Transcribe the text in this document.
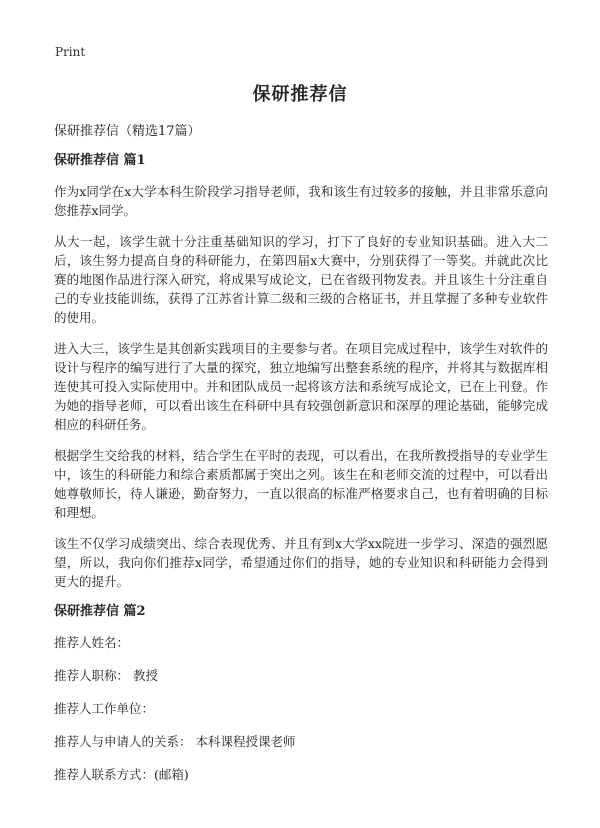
Print
保研推荐信

保研推荐信（精选17篇）

保研推荐信 篇1

作为x同学在x大学本科生阶段学习指导老师，我和该生有过较多的接触，并且非常乐意向您推荐x同学。

从大一起，该学生就十分注重基础知识的学习，打下了良好的专业知识基础。进入大二后，该生努力提高自身的科研能力，在第四届x大赛中，分别获得了一等奖。并就此次比赛的地图作品进行深入研究，将成果写成论文，已在省级刊物发表。并且该生十分注重自己的专业技能训练，获得了江苏省计算二级和三级的合格证书，并且掌握了多种专业软件的使用。

进入大三，该学生是其创新实践项目的主要参与者。在项目完成过程中，该学生对软件的设计与程序的编写进行了大量的探究，独立地编写出整套系统的程序，并将其与数据库相连使其可投入实际使用中。并和团队成员一起将该方法和系统写成论文，已在上刊登。作为她的指导老师，可以看出该生在科研中具有较强创新意识和深厚的理论基础，能够完成相应的科研任务。

根据学生交给我的材料，结合学生在平时的表现，可以看出，在我所教授指导的专业学生中，该生的科研能力和综合素质都属于突出之列。该生在和老师交流的过程中，可以看出她尊敬师长，待人谦逊，勤奋努力，一直以很高的标准严格要求自己，也有着明确的目标和理想。

该生不仅学习成绩突出、综合表现优秀、并且有到x大学xx院进一步学习、深造的强烈愿望，所以，我向你们推荐x同学，希望通过你们的指导，她的专业知识和科研能力会得到更大的提升。

保研推荐信 篇2

推荐人姓名：

推荐人职称： 教授

推荐人工作单位：

推荐人与申请人的关系： 本科课程授课老师

推荐人联系方式：(邮箱)
